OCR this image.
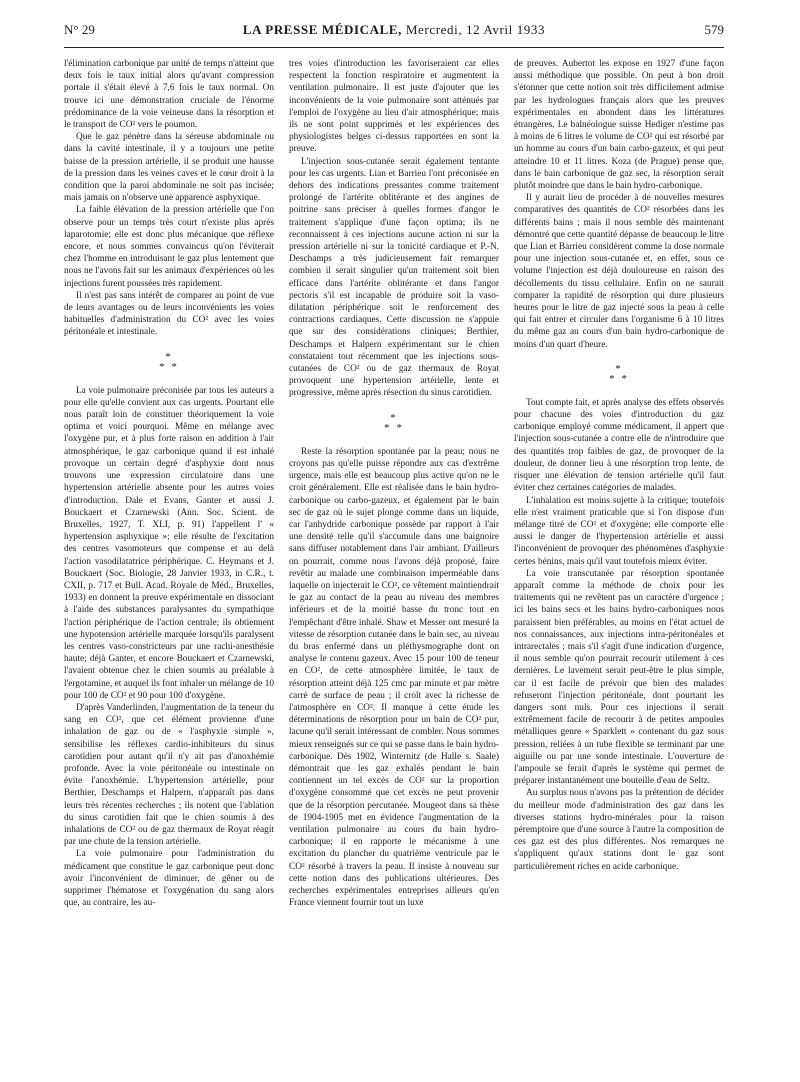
N° 29	LA PRESSE MÉDICALE, Mercredi, 12 Avril 1933	579

l'élimination carbonique par unité de temps n'atteint que deux fois le taux initial alors qu'avant compression portale il s'était élevé à 7,6 fois le taux normal. On trouve ici une démonstration cruciale de l'énorme prédominance de la voie veineuse dans la résorption et le transport de CO² vers le poumon.

Que le gaz pénètre dans la séreuse abdominale ou dans la cavité intestinale, il y a toujours une petite baisse de la pression artérielle, il se produit une hausse de la pression dans les veines caves et le cœur droit à la condition que la paroi abdominale ne soit pas incisée; mais jamais on n'observe une apparence asphyxique.

La faible élévation de la pression artérielle que l'on observe pour un temps très court n'existe plus après laparotomie; elle est donc plus mécanique que réflexe encore, et nous sommes convaincus qu'on l'éviterait chez l'homme en introduisant le gaz plus lentement que nous ne l'avons fait sur les animaux d'expériences où les injections furent poussées très rapidement.

Il n'est pas sans intérêt de comparer au point de vue de leurs avantages ou de leurs inconvénients les voies habituelles d'administration du CO² avec les voies péritonéale et intestinale.

*
* *

La voie pulmonaire préconisée par tous les auteurs a pour elle qu'elle convient aux cas urgents. Pourtant elle nous paraît loin de constituer théoriquement la voie optima et voici pourquoi. Même en mélange avec l'oxygène pur, et à plus forte raison en addition à l'air atmosphérique, le gaz carbonique quand il est inhalé provoque un certain degré d'asphyxie dont nous trouvons une expression circulatoire dans une hypertension artérielle absente pour les autres voies d'introduction. Dale et Evans, Ganter et aussi J. Bouckaert et Czarnewski (Ann. Soc. Scient. de Bruxelles, 1927, T. XLI, p. 91) l'appellent l' « hypertension asphyxique »; elle résulte de l'excitation des centres vasomoteurs que compense et au delà l'action vasodilatatrice périphérique. C. Heymans et J. Bouckaert (Soc. Biologie, 28 Janvier 1933, in C.R., t. CXII, p. 717 et Bull. Acad. Royale de Méd., Bruxelles, 1933) en donnent la preuve expérimentale en dissociant à l'aide des substances paralysantes du sympathique l'action périphérique de l'action centrale; ils obtiennent une hypotension artérielle marquée lorsqu'ils paralysent les centres vaso-constricteurs par une rachi-anesthésie haute; déjà Ganter, et encore Bouckaert et Czarnewski, l'avaient obtenue chez le chien soumis au préalable à l'ergotamine, et auquel ils font inhaler un mélange de 10 pour 100 de CO² et 90 pour 100 d'oxygène.

D'après Vanderlinden, l'augmentation de la teneur du sang en CO², que cet élément provienne d'une inhalation de gaz ou de « l'asphyxie simple », sensibilise les réflexes cardio-inhibiteurs du sinus carotidien pour autant qu'il n'y ait pas d'anoxhémie profonde. Avec la voie péritonéale ou intestinale on évite l'anoxhémie. L'hypertension artérielle, pour Berthier, Deschamps et Halpern, n'apparaît pas dans leurs très récentes recherches ; ils notent que l'ablation du sinus carotidien fait que le chien soumis à des inhalations de CO² ou de gaz thermaux de Royat réagit par une chute de la tension artérielle.

La voie pulmonaire pour l'administration du médicament que constitue le gaz carbonique peut donc avoir l'inconvénient de diminuer, de gêner ou de supprimer l'hématose et l'oxygénation du sang alors que, au contraire, les au-

tres voies d'introduction les favoriseraient car elles respectent la fonction respiratoire et augmentent la ventilation pulmonaire. Il est juste d'ajouter que les inconvénients de la voie pulmonaire sont atténués par l'emploi de l'oxygène au lieu d'air atmosphérique; mais ils ne sont point supprimés et les expériences des physiologistes belges ci-dessus rapportées en sont la preuve.

L'injection sous-cutanée serait également tentante pour les cas urgents. Lian et Barrieu l'ont préconisée en dehors des indications pressantes comme traitement prolongé de l'artérite oblitérante et des angines de poitrine sans préciser à quelles formes d'angor le traitement s'applique d'une façon optima; ils ne reconnaissent à ces injections aucune action ni sur la pression artérielle ni sur la tonicité cardiaque et P.-N. Deschamps a très judicieusement fait remarquer combien il serait singulier qu'un traitement soit bien efficace dans l'artérite oblitérante et dans l'angor pectoris s'il est incapable de produire soit la vaso-dilatation périphérique soit le renforcement des contractions cardiaques. Cette discussion ne s'appuie que sur des considérations cliniques; Berthier, Deschamps et Halpern expérimentant sur le chien constataient tout récemment que les injections sous-cutanées de CO² ou de gaz thermaux de Royat provoquent une hypertension artérielle, lente et progressive, même après résection du sinus carotidien.

*
* *

Reste la résorption spontanée par la peau; nous ne croyons pas qu'elle puisse répondre aux cas d'extrême urgence, mais elle est beaucoup plus active qu'on ne le croit généralement. Elle est réalisée dans le bain hydro-carbonique ou carbo-gazeux, et également par le bain sec de gaz où le sujet plonge comme dans un liquide, car l'anhydride carbonique possède par rapport à l'air une densité telle qu'il s'accumule dans une baignoire sans diffuser notablement dans l'air ambiant. D'ailleurs on pourrait, comme nous l'avons déjà proposé, faire revêtir au malade une combinaison imperméable dans laquelle on injecterait le CO², ce vêtement maintiendrait le gaz au contact de la peau au niveau des membres inférieurs et de la moitié basse du tronc tout en l'empêchant d'être inhalé. Shaw et Messer ont mesuré la vitesse de résorption cutanée dans le bain sec, au niveau du bras enfermé dans un pléthysmographe dont on analyse le contenu gazeux. Avec 15 pour 100 de teneur en CO², de cette atmosphère limitée, le taux de résorption atteint déjà 125 cmc par minute et par mètre carré de surface de peau ; il croît avec la richesse de l'atmosphère en CO². Il manque à cette étude les déterminations de résorption pour un bain de CO² pur, lacune qu'il serait intéressant de combler. Nous sommes mieux renseignés sur ce qui se passe dans le bain hydro-carbonique. Dès 1902, Winternitz (de Halle s. Saale) démontrait que les gaz exhalés pendant le bain contiennent un tel excès de CO² sur la proportion d'oxygène consommé que cet excès ne peut provenir que de la résorption percutanée. Mougeot dans sa thèse de 1904-1905 met en évidence l'augmentation de la ventilation pulmonaire au cours du bain hydro-carbonique; il en rapporte le mécanisme à une excitation du plancher du quatrième ventricule par le CO² résorbé à travers la peau. Il insiste à nouveau sur cette notion dans des publications ultérieures. Des recherches expérimentales entreprises ailleurs qu'en France viennent fournir tout un luxe

de preuves. Aubertot les expose en 1927 d'une façon aussi méthodique que possible. On peut à bon droit s'étonner que cette notion soit très difficilement admise par les hydrologues français alors que les preuves expérimentales en abondent dans les littératures étrangères. Le balnéologue suisse Hediger n'estime pas à moins de 6 litres le volume de CO² qui est résorbé par un homme au cours d'un bain carbo-gazeux, et qui peut atteindre 10 et 11 litres. Koza (de Prague) pense que, dans le bain carbonique de gaz sec, la résorption serait plutôt moindre que dans le bain hydro-carbonique.

Il y aurait lieu de procéder à de nouvelles mesures comparatives des quantités de CO² résorbées dans les différents bains ; mais il nous semble dès maintenant démontré que cette quantité dépasse de beaucoup le litre que Lian et Barrieu considèrent comme la dose normale pour une injection sous-cutanée et, en effet, sous ce volume l'injection est déjà douloureuse en raison des décollements du tissu cellulaire. Enfin on ne saurait comparer la rapidité de résorption qui dure plusieurs heures pour le litre de gaz injecté sous la peau à celle qui fait entrer et circuler dans l'organisme 6 à 10 litres du même gaz au cours d'un bain hydro-carbonique de moins d'un quart d'heure.

*
* *

Tout compte fait, et après analyse des effets observés pour chacune des voies d'introduction du gaz carbonique employé comme médicament, il appert que l'injection sous-cutanée a contre elle de n'introduire que des quantités trop faibles de gaz, de provoquer de la douleur, de donner lieu à une résorption trop lente, de risquer une élévation de tension artérielle qu'il faut éviter chez certaines catégories de malades.

L'inhalation est moins sujette à la critique; toutefois elle n'est vraiment praticable que si l'on dispose d'un mélange titré de CO² et d'oxygène; elle comporte elle aussi le danger de l'hypertension artérielle et aussi l'inconvénient de provoquer des phénomènes d'asphyxie certes bénins, mais qu'il vaut toutefois mieux éviter.

La voie transcutanée par résorption spontanée apparaît comme la méthode de choix pour les traitements qui ne revêtent pas un caractère d'urgence ; ici les bains secs et les bains hydro-carboniques nous paraissent bien préférables, au moins en l'état actuel de nos connaissances, aux injections intra-péritonéales et intrarectales ; mais s'il s'agit d'une indication d'urgence, il nous semble qu'on pourrait recourir utilement à ces dernières. Le lavement serait peut-être le plus simple, car il est facile de prévoir que bien des malades refuseront l'injection péritonéale, dont pourtant les dangers sont nuls. Pour ces injections il serait extrêmement facile de recourir à de petites ampoules métalliques genre « Sparklett » contenant du gaz sous pression, reliées à un tube flexible se terminant par une aiguille ou par une sonde intestinale. L'ouverture de l'ampoule se ferait d'après le système qui permet de préparer instantanément une bouteille d'eau de Seltz.

Au surplus nous n'avons pas la prétention de décider du meilleur mode d'administration des gaz dans les diverses stations hydro-minérales pour la raison péremptoire que d'une source à l'autre la composition de ces gaz est des plus différentes. Nos remarques ne s'appliquent qu'aux stations dont le gaz sont particulièrement riches en acide carbonique.
